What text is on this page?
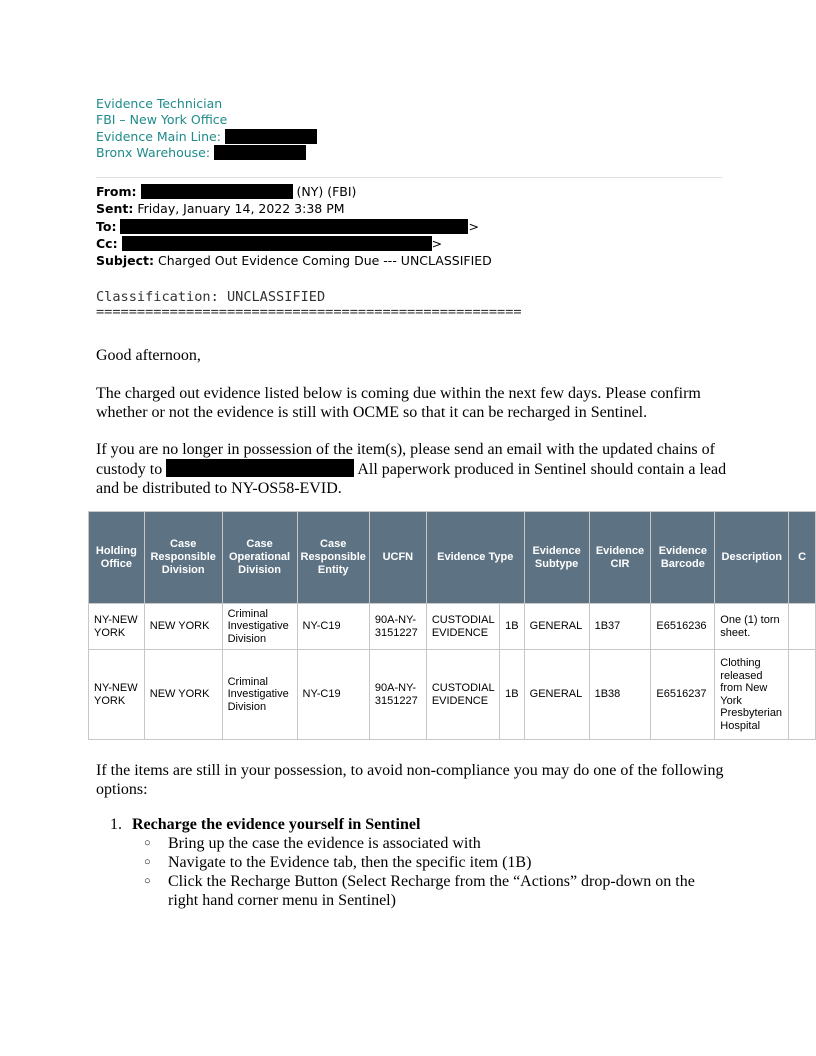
Evidence Technician
FBI – New York Office
Evidence Main Line:
Bronx Warehouse:
From:	(NY) (FBI)
Sent: Friday, January 14, 2022 3:38 PM
To:	>
Cc:	>
Subject: Charged Out Evidence Coming Due --- UNCLASSIFIED
Classification: UNCLASSIFIED
====================================================
Good afternoon,
The charged out evidence listed below is coming due within the next few days. Please confirm whether or not the evidence is still with OCME so that it can be recharged in Sentinel.
If you are no longer in possession of the item(s), please send an email with the updated chains of custody to	All paperwork produced in Sentinel should contain a lead and be distributed to NY-OS58-EVID.
Holding Office	Case Responsible Division	Case Operational Division	Case Responsible Entity	UCFN	Evidence Type		Evidence Subtype	Evidence CIR	Evidence Barcode	Description	C
NY-NEW YORK	NEW YORK	Criminal Investigative Division	NY-C19	90A-NY-3151227	CUSTODIAL EVIDENCE	1B	GENERAL	1B37	E6516236	One (1) torn sheet.	
NY-NEW YORK	NEW YORK	Criminal Investigative Division	NY-C19	90A-NY-3151227	CUSTODIAL EVIDENCE	1B	GENERAL	1B38	E6516237	Clothing released from New York Presbyterian Hospital	
If the items are still in your possession, to avoid non-compliance you may do one of the following options:
1. Recharge the evidence yourself in Sentinel
○ Bring up the case the evidence is associated with
○ Navigate to the Evidence tab, then the specific item (1B)
○ Click the Recharge Button (Select Recharge from the “Actions” drop-down on the right hand corner menu in Sentinel)
